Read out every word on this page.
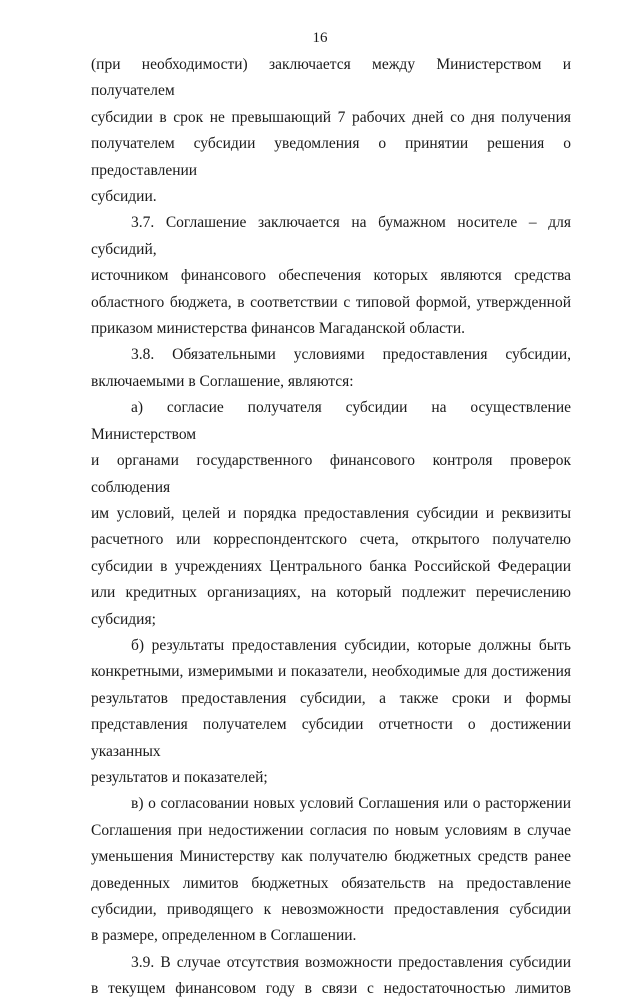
16

(при необходимости) заключается между Министерством и получателем

субсидии в срок не превышающий 7 рабочих дней со дня получения

получателем субсидии уведомления о принятии решения о предоставлении

субсидии.

3.7. Соглашение заключается на бумажном носителе – для субсидий,

источником финансового обеспечения которых являются средства

областного бюджета, в соответствии с типовой формой, утвержденной

приказом министерства финансов Магаданской области.

3.8. Обязательными условиями предоставления субсидии,

включаемыми в Соглашение, являются:

а) согласие получателя субсидии на осуществление Министерством

и органами государственного финансового контроля проверок соблюдения

им условий, целей и порядка предоставления субсидии и реквизиты

расчетного или корреспондентского счета, открытого получателю

субсидии в учреждениях Центрального банка Российской Федерации

или кредитных организациях, на который подлежит перечислению

субсидия;

б) результаты предоставления субсидии, которые должны быть

конкретными, измеримыми и показатели, необходимые для достижения

результатов предоставления субсидии, а также сроки и формы

представления получателем субсидии отчетности о достижении указанных

результатов и показателей;

в) о согласовании новых условий Соглашения или о расторжении

Соглашения при недостижении согласия по новым условиям в случае

уменьшения Министерству как получателю бюджетных средств ранее

доведенных лимитов бюджетных обязательств на предоставление

субсидии, приводящего к невозможности предоставления субсидии

в размере, определенном в Соглашении.

3.9. В случае отсутствия возможности предоставления субсидии

в текущем финансовом году в связи с недостаточностью лимитов
